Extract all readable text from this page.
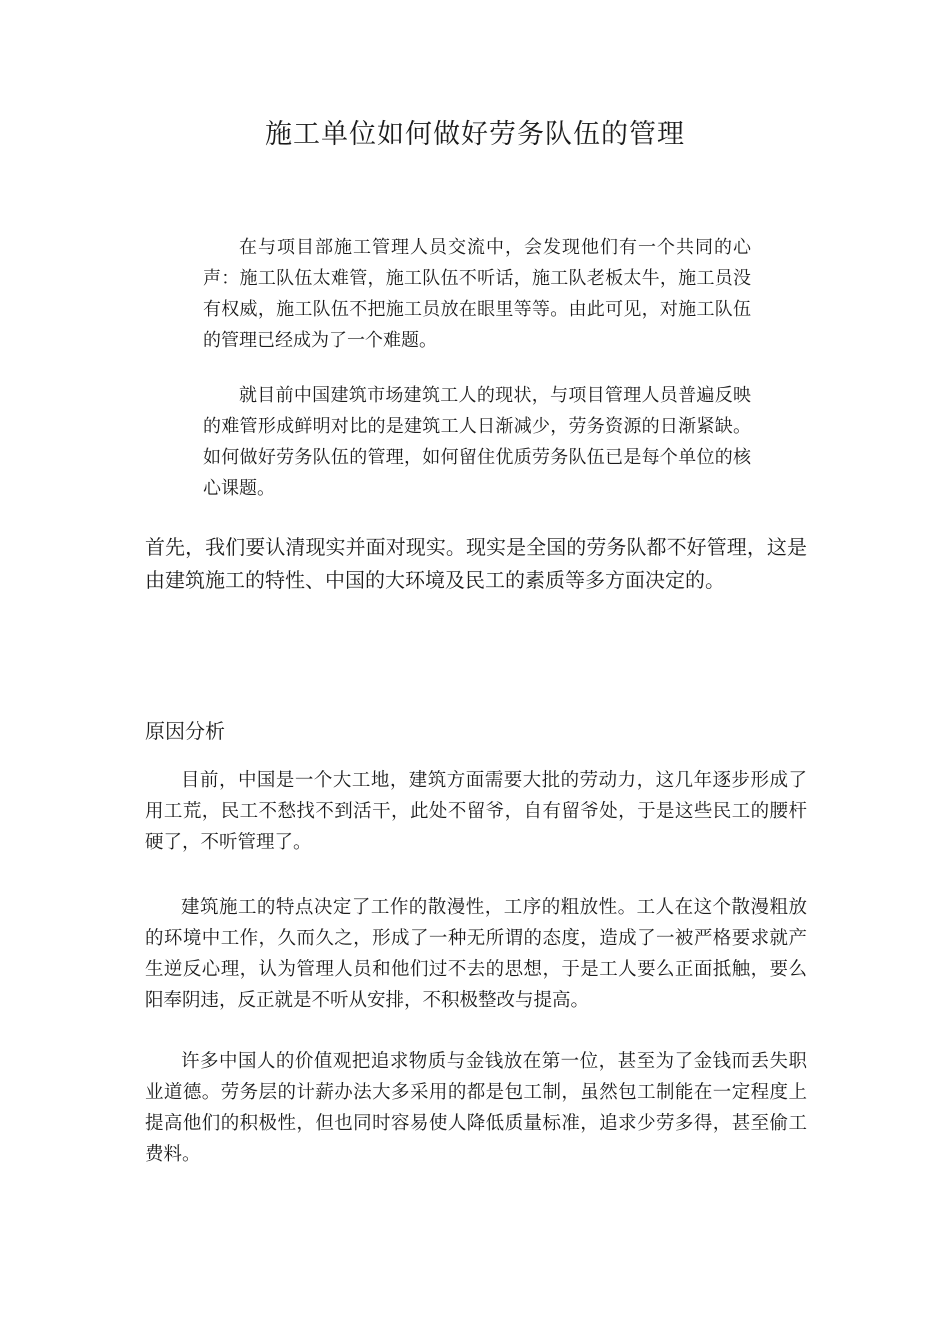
施工单位如何做好劳务队伍的管理

在与项目部施工管理人员交流中，会发现他们有一个共同的心声：施工队伍太难管，施工队伍不听话，施工队老板太牛，施工员没有权威，施工队伍不把施工员放在眼里等等。由此可见，对施工队伍的管理已经成为了一个难题。

就目前中国建筑市场建筑工人的现状，与项目管理人员普遍反映的难管形成鲜明对比的是建筑工人日渐减少，劳务资源的日渐紧缺。如何做好劳务队伍的管理，如何留住优质劳务队伍已是每个单位的核心课题。

首先，我们要认清现实并面对现实。现实是全国的劳务队都不好管理，这是由建筑施工的特性、中国的大环境及民工的素质等多方面决定的。

原因分析

目前，中国是一个大工地，建筑方面需要大批的劳动力，这几年逐步形成了用工荒，民工不愁找不到活干，此处不留爷，自有留爷处，于是这些民工的腰杆硬了，不听管理了。

建筑施工的特点决定了工作的散漫性，工序的粗放性。工人在这个散漫粗放的环境中工作，久而久之，形成了一种无所谓的态度，造成了一被严格要求就产生逆反心理，认为管理人员和他们过不去的思想，于是工人要么正面抵触，要么阳奉阴违，反正就是不听从安排，不积极整改与提高。

许多中国人的价值观把追求物质与金钱放在第一位，甚至为了金钱而丢失职业道德。劳务层的计薪办法大多采用的都是包工制，虽然包工制能在一定程度上提高他们的积极性，但也同时容易使人降低质量标准，追求少劳多得，甚至偷工费料。
